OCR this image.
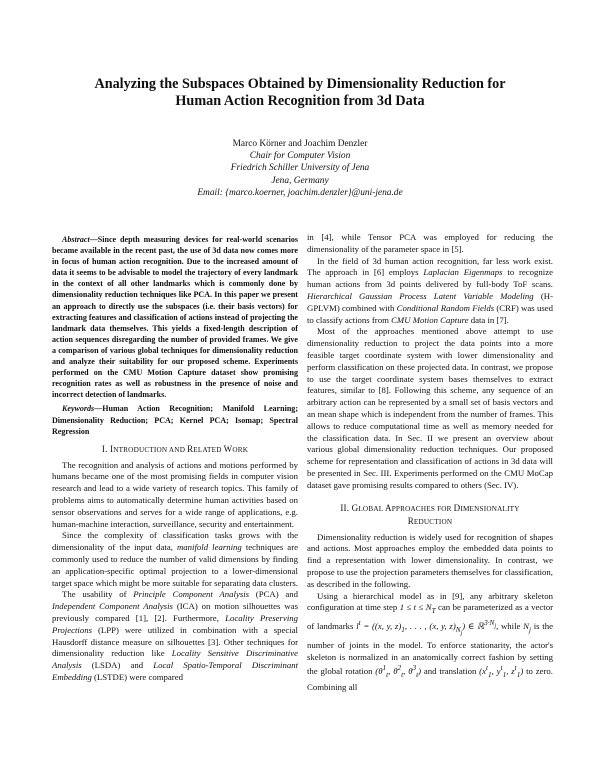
Analyzing the Subspaces Obtained by Dimensionality Reduction for
Human Action Recognition from 3d Data
Marco Körner and Joachim Denzler
Chair for Computer Vision
Friedrich Schiller University of Jena
Jena, Germany
Email: {marco.koerner, joachim.denzler}@uni-jena.de

Abstract—Since depth measuring devices for real-world scenarios became available in the recent past, the use of 3d data now comes more in focus of human action recognition. Due to the increased amount of data it seems to be advisable to model the trajectory of every landmark in the context of all other landmarks which is commonly done by dimensionality reduction techniques like PCA. In this paper we present an approach to directly use the subspaces (i.e. their basis vectors) for extracting features and classification of actions instead of projecting the landmark data themselves. This yields a fixed-length description of action sequences disregarding the number of provided frames. We give a comparison of various global techniques for dimensionality reduction and analyze their suitability for our proposed scheme. Experiments performed on the CMU Motion Capture dataset show promising recognition rates as well as robustness in the presence of noise and incorrect detection of landmarks.

Keywords—Human Action Recognition; Manifold Learning; Dimensionality Reduction; PCA; Kernel PCA; Isomap; Spectral Regression

I. INTRODUCTION AND RELATED WORK

The recognition and analysis of actions and motions performed by humans became one of the most promising fields in computer vision research and lead to a wide variety of research topics. This family of problems aims to automatically determine human activities based on sensor observations and serves for a wide range of applications, e.g. human-machine interaction, surveillance, security and entertainment.

Since the complexity of classification tasks grows with the dimensionality of the input data, manifold learning techniques are commonly used to reduce the number of valid dimensions by finding an application-specific optimal projection to a lower-dimensional target space which might be more suitable for separating data clusters.

The usability of Principle Component Analysis (PCA) and Independent Component Analysis (ICA) on motion silhouettes was previously compared [1], [2]. Furthermore, Locality Preserving Projections (LPP) were utilized in combination with a special Hausdorff distance measure on silhouettes [3]. Other techniques for dimensionality reduction like Locality Sensitive Discriminative Analysis (LSDA) and Local Spatio-Temporal Discriminant Embedding (LSTDE) were compared

in [4], while Tensor PCA was employed for reducing the dimensionality of the parameter space in [5].

In the field of 3d human action recognition, far less work exist. The approach in [6] employs Laplacian Eigenmaps to recognize human actions from 3d points delivered by full-body ToF scans. Hierarchical Gaussian Process Latent Variable Modeling (H-GPLVM) combined with Conditional Random Fields (CRF) was used to classify actions from CMU Motion Capture data in [7].

Most of the approaches mentioned above attempt to use dimensionality reduction to project the data points into a more feasible target coordinate system with lower dimensionality and perform classification on these projected data. In contrast, we propose to use the target coordinate system bases themselves to extract features, similar to [8]. Following this scheme, any sequence of an arbitrary action can be represented by a small set of basis vectors and an mean shape which is independent from the number of frames. This allows to reduce computational time as well as memory needed for the classification data. In Sec. II we present an overview about various global dimensionality reduction techniques. Our proposed scheme for representation and classification of actions in 3d data will be presented in Sec. III. Experiments performed on the CMU MoCap dataset gave promising results compared to others (Sec. IV).

II. GLOBAL APPROACHES FOR DIMENSIONALITY
REDUCTION

Dimensionality reduction is widely used for recognition of shapes and actions. Most approaches employ the embedded data points to find a representation with lower dimensionality. In contrast, we propose to use the projection parameters themselves for classification, as described in the following.

Using a hierarchical model as in [9], any arbitrary skeleton configuration at time step $1 \le t \le N_T$ can be parameterized as a vector of landmarks $l^t = ((x$, y, $z)_1$, . . . , (x, y, $z)_{N_j}$) ∈ ℝ$^{3\cdot N_j}$, while $N_j$ is the number of joints in the model. To enforce stationarity, the actor's skeleton is normalized in an anatomically correct fashion by setting the global rotation ($\theta^1_t$, $\theta^2_t$, $\theta^3_t$) and translation ($x^t_1$, $y^t_1$, $z^t_1$) to zero. Combining all
